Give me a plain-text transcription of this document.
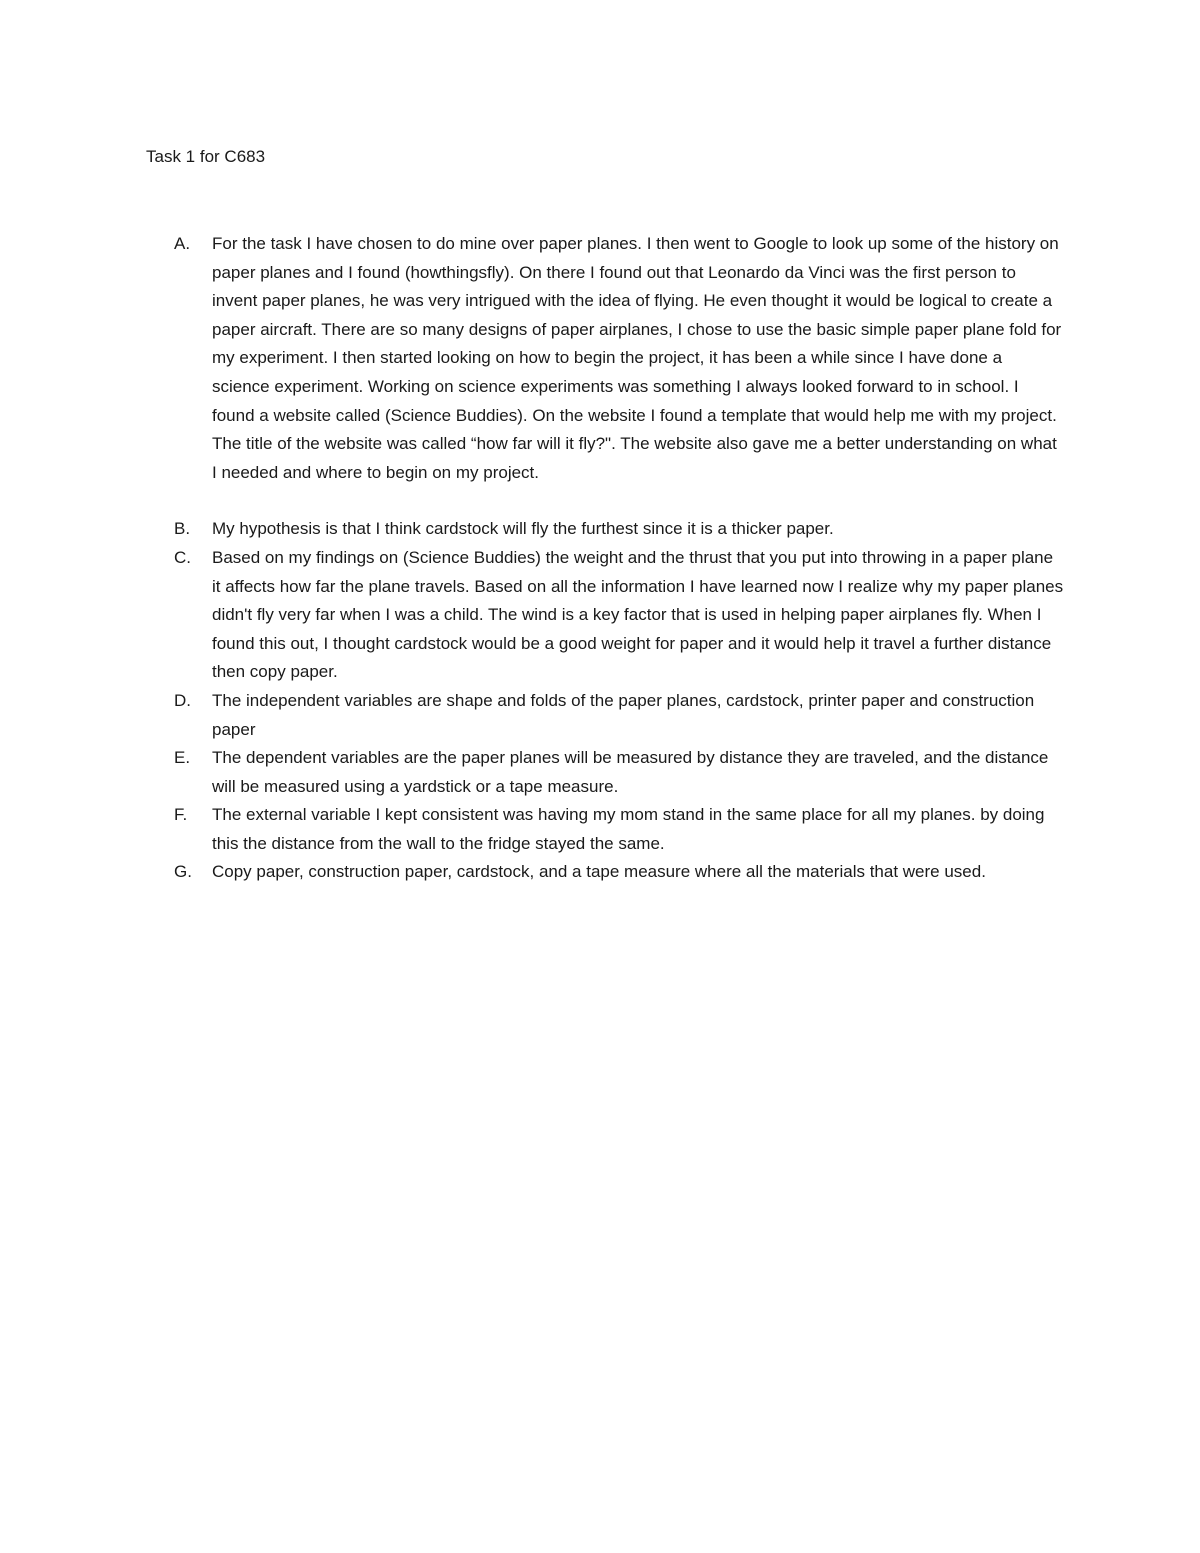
Task 1 for C683
A.	For the task I have chosen to do mine over paper planes. I then went to Google to look up some of the history on paper planes and I found (howthingsfly). On there I found out that Leonardo da Vinci was the first person to invent paper planes, he was very intrigued with the idea of flying. He even thought it would be logical to create a paper aircraft. There are so many designs of paper airplanes, I chose to use the basic simple paper plane fold for my experiment. I then started looking on how to begin the project, it has been a while since I have done a science experiment. Working on science experiments was something I always looked forward to in school. I found a website called (Science Buddies). On the website I found a template that would help me with my project. The title of the website was called “how far will it fly?". The website also gave me a better understanding on what I needed and where to begin on my project.
B.	My hypothesis is that I think cardstock will fly the furthest since it is a thicker paper.
C.	Based on my findings on (Science Buddies) the weight and the thrust that you put into throwing in a paper plane it affects how far the plane travels. Based on all the information I have learned now I realize why my paper planes didn't fly very far when I was a child. The wind is a key factor that is used in helping paper airplanes fly. When I found this out, I thought cardstock would be a good weight for paper and it would help it travel a further distance then copy paper.
D.	The independent variables are shape and folds of the paper planes, cardstock, printer paper and construction paper
E.	The dependent variables are the paper planes will be measured by distance they are traveled, and the distance will be measured using a yardstick or a tape measure.
F.	The external variable I kept consistent was having my mom stand in the same place for all my planes. by doing this the distance from the wall to the fridge stayed the same.
G.	Copy paper, construction paper, cardstock, and a tape measure where all the materials that were used.
